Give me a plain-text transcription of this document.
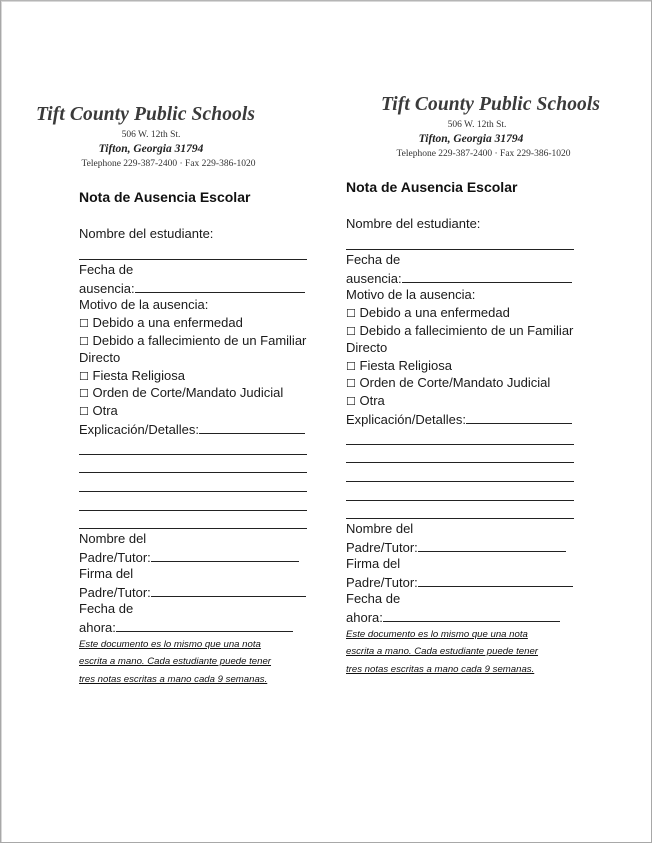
Tift County Public Schools
506 W. 12th St.
Tifton, Georgia 31794
Telephone 229-387-2400 · Fax 229-386-1020
Nota de Ausencia Escolar
Nombre del estudiante:
Fecha de
ausencia:
Motivo de la ausencia:
☐ Debido a una enfermedad
☐ Debido a fallecimiento de un Familiar
Directo
☐ Fiesta Religiosa
☐ Orden de Corte/Mandato Judicial
☐ Otra
Explicación/Detalles:
Nombre del
Padre/Tutor:
Firma del
Padre/Tutor:
Fecha de
ahora:
Este documento es lo mismo que una nota
escrita a mano. Cada estudiante puede tener
tres notas escritas a mano cada 9 semanas.
Tift County Public Schools
506 W. 12th St.
Tifton, Georgia 31794
Telephone 229-387-2400 · Fax 229-386-1020
Nota de Ausencia Escolar
Nombre del estudiante:
Fecha de
ausencia:
Motivo de la ausencia:
☐ Debido a una enfermedad
☐ Debido a fallecimiento de un Familiar
Directo
☐ Fiesta Religiosa
☐ Orden de Corte/Mandato Judicial
☐ Otra
Explicación/Detalles:
Nombre del
Padre/Tutor:
Firma del
Padre/Tutor:
Fecha de
ahora:
Este documento es lo mismo que una nota
escrita a mano. Cada estudiante puede tener
tres notas escritas a mano cada 9 semanas.
